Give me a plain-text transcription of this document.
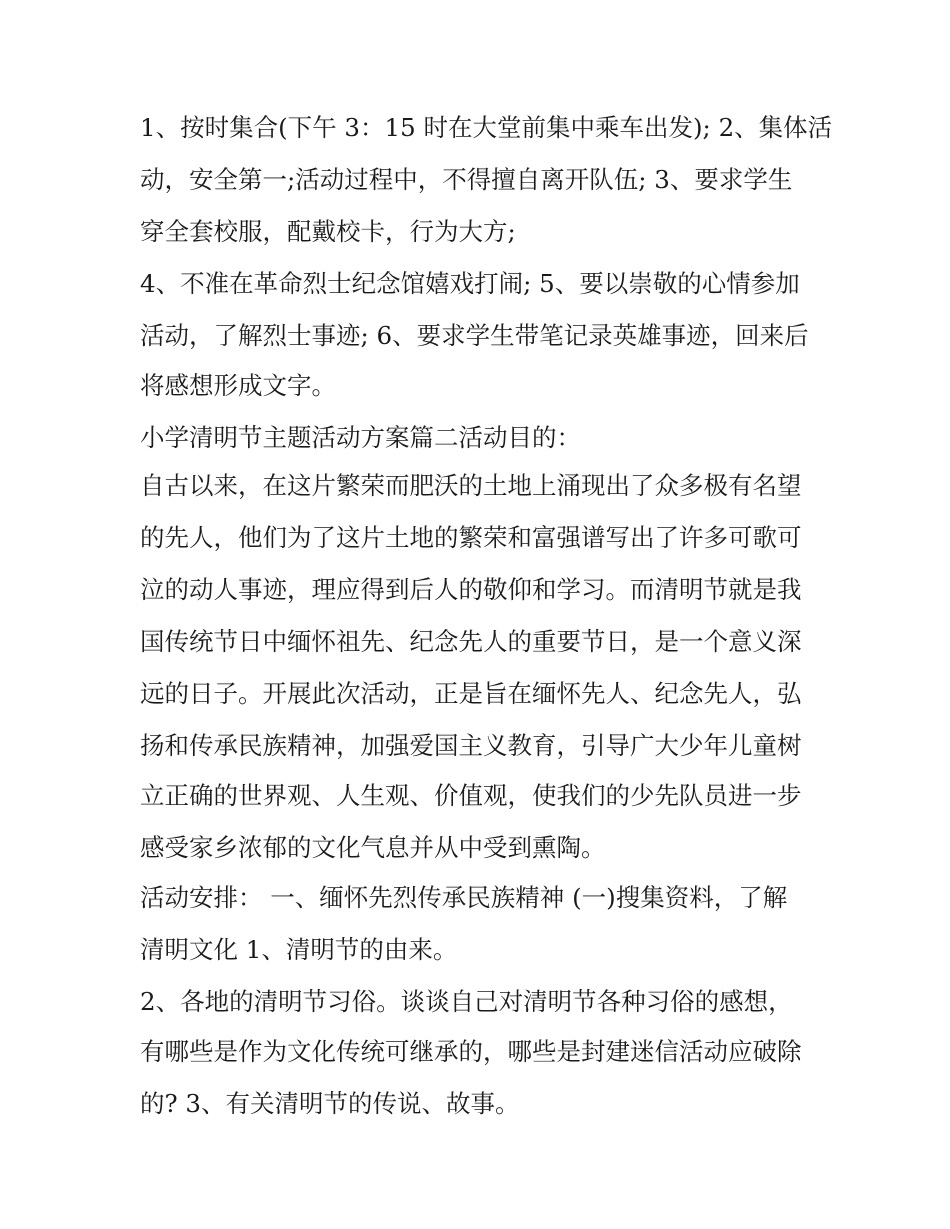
1、按时集合(下午 3：15 时在大堂前集中乘车出发); 2、集体活
动，安全第一;活动过程中，不得擅自离开队伍; 3、要求学生
穿全套校服，配戴校卡，行为大方;
4、不准在革命烈士纪念馆嬉戏打闹; 5、要以崇敬的心情参加
活动，了解烈士事迹; 6、要求学生带笔记录英雄事迹，回来后
将感想形成文字。
小学清明节主题活动方案篇二活动目的：
自古以来，在这片繁荣而肥沃的土地上涌现出了众多极有名望
的先人，他们为了这片土地的繁荣和富强谱写出了许多可歌可
泣的动人事迹，理应得到后人的敬仰和学习。而清明节就是我
国传统节日中缅怀祖先、纪念先人的重要节日，是一个意义深
远的日子。开展此次活动，正是旨在缅怀先人、纪念先人，弘
扬和传承民族精神，加强爱国主义教育，引导广大少年儿童树
立正确的世界观、人生观、价值观，使我们的少先队员进一步
感受家乡浓郁的文化气息并从中受到熏陶。
活动安排： 一、缅怀先烈传承民族精神 (一)搜集资料，了解
清明文化 1、清明节的由来。
2、各地的清明节习俗。谈谈自己对清明节各种习俗的感想，
有哪些是作为文化传统可继承的，哪些是封建迷信活动应破除
的? 3、有关清明节的传说、故事。
